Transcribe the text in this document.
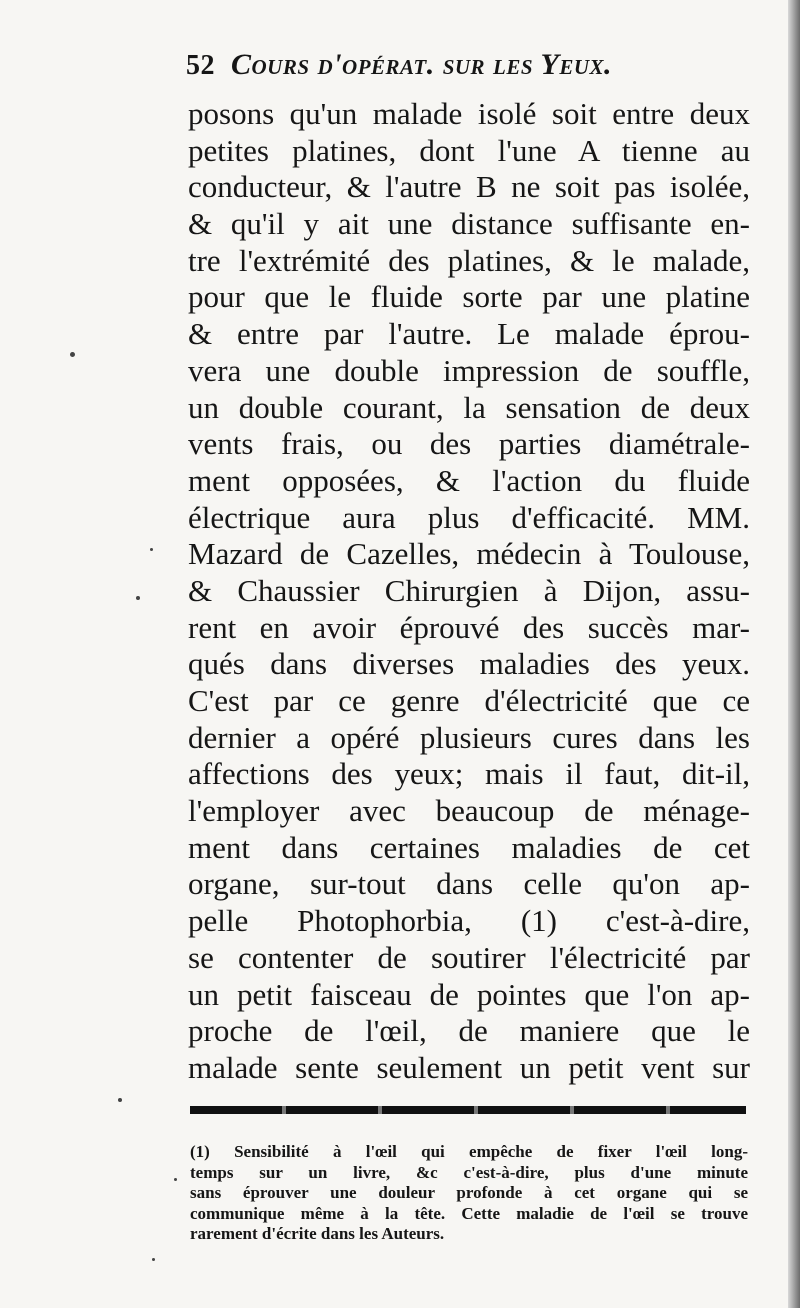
52 Cours d'opérat. sur les Yeux.
posons qu'un malade isolé soit entre deux
petites platines, dont l'une A tienne au
conducteur, & l'autre B ne soit pas isolée,
& qu'il y ait une distance suffisante en-
tre l'extrémité des platines, & le malade,
pour que le fluide sorte par une platine
& entre par l'autre. Le malade éprou-
vera une double impression de souffle,
un double courant, la sensation de deux
vents frais, ou des parties diamétrale-
ment opposées, & l'action du fluide
électrique aura plus d'efficacité. MM.
Mazard de Cazelles, médecin à Toulouse,
& Chaussier Chirurgien à Dijon, assu-
rent en avoir éprouvé des succès mar-
qués dans diverses maladies des yeux.
C'est par ce genre d'électricité que ce
dernier a opéré plusieurs cures dans les
affections des yeux; mais il faut, dit-il,
l'employer avec beaucoup de ménage-
ment dans certaines maladies de cet
organe, sur-tout dans celle qu'on ap-
pelle Photophorbia, (1) c'est-à-dire,
se contenter de soutirer l'électricité par
un petit faisceau de pointes que l'on ap-
proche de l'œil, de maniere que le
malade sente seulement un petit vent sur
(1) Sensibilité à l'œil qui empêche de fixer l'œil long-
temps sur un livre, &c c'est-à-dire, plus d'une minute
sans éprouver une douleur profonde à cet organe qui se
communique même à la tête. Cette maladie de l'œil se trouve
rarement d'écrite dans les Auteurs.
